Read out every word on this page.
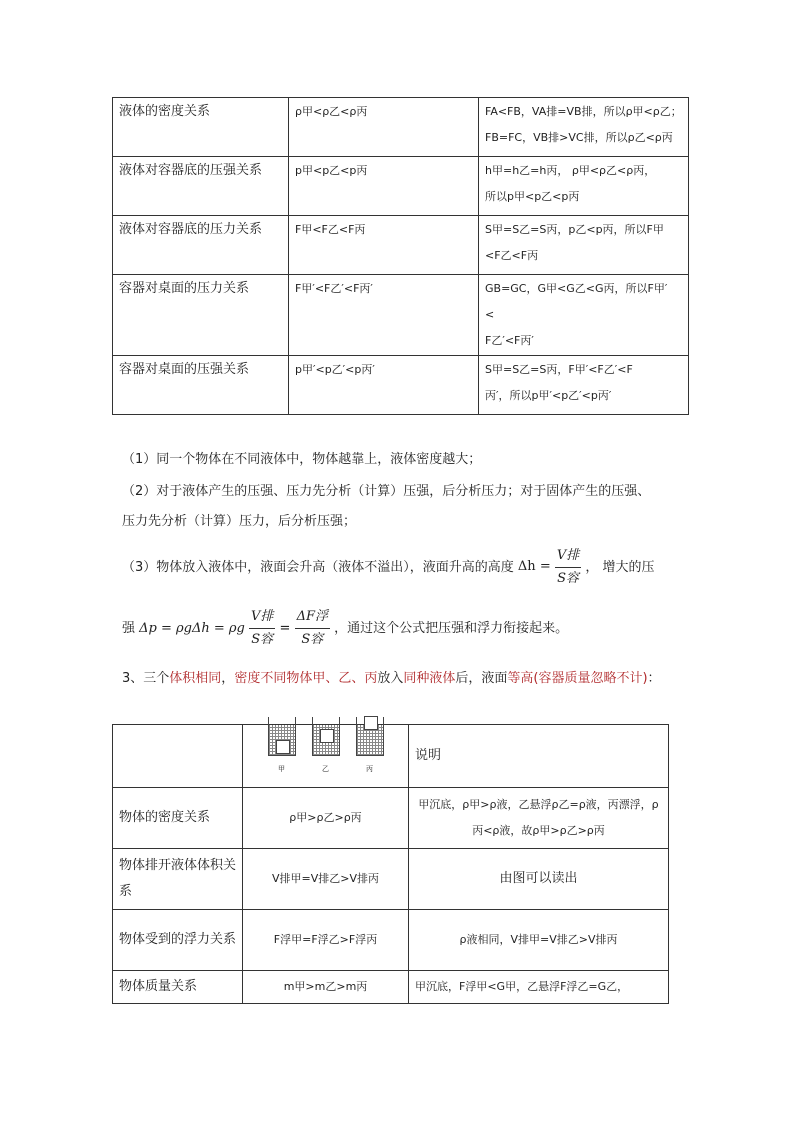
液体的密度关系	ρ甲<ρ乙<ρ丙	FA<FB，VA排=VB排，所以ρ甲<ρ乙；
FB=FC，VB排>VC排，所以ρ乙<ρ丙

液体对容器底的压强关系	p甲<p乙<p丙	h甲=h乙=h丙， ρ甲<ρ乙<ρ丙，
所以p甲<p乙<p丙

液体对容器底的压力关系	F甲<F乙<F丙	S甲=S乙=S丙，p乙<p丙，所以F甲
<F乙<F丙

容器对桌面的压力关系	F甲′<F乙′<F丙′	GB=GC，G甲<G乙<G丙，所以F甲′
<
F乙′<F丙′

容器对桌面的压强关系	p甲′<p乙′<p丙′	S甲=S乙=S丙，F甲′<F乙′<F
丙′，所以p甲′<p乙′<p丙′
（1）同一个物体在不同液体中，物体越靠上，液体密度越大；
（2）对于液体产生的压强、压力先分析（计算）压强，后分析压力；对于固体产生的压强、
压力先分析（计算）压力，后分析压强；
（3）物体放入液体中，液面会升高（液体不溢出），液面升高的高度 $\Delta h = \frac{\text{V排}}{\text{S容}}$ ， 增大的压
强 Δp = ρgΔh = ρg $\frac{\text{V排}}{\text{S容}} = \frac{\text{ΔF浮}}{\text{S容}}$ ，通过这个公式把压强和浮力衔接起来。
3、三个体积相同，密度不同物体甲、乙、丙放入同种液体后，液面等高(容器质量忽略不计)：

	甲 乙 丙	说明
物体的密度关系	ρ甲>ρ乙>ρ丙	甲沉底，ρ甲>ρ液，乙悬浮ρ乙=ρ液，丙漂浮，ρ丙<ρ液，故ρ甲>ρ乙>ρ丙
物体排开液体体积关系	V排甲=V排乙>V排丙	由图可以读出
物体受到的浮力关系	F浮甲=F浮乙>F浮丙	ρ液相同，V排甲=V排乙>V排丙
物体质量关系	m甲>m乙>m丙	甲沉底，F浮甲<G甲，乙悬浮F浮乙=G乙，
